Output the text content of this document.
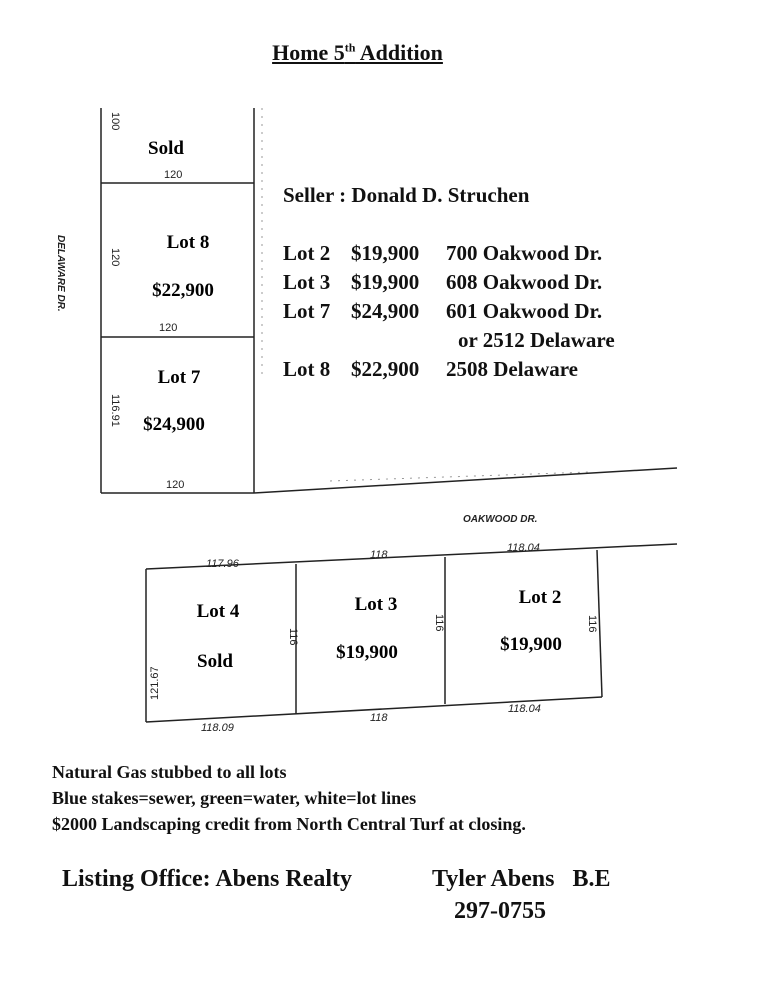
Home 5th Addition
DELAWARE DR.
OAKWOOD DR.
Sold
100
120
Lot 8
$22,900
120
120
Lot 7
$24,900
116.91
120
Lot 4
Sold
117.96
118.09
121.67
116
Lot 3
$19,900
118
118
116
Lot 2
$19,900
118.04
118.04
116
Seller : Donald D. Struchen
Lot 2 $19,900 700 Oakwood Dr.
Lot 3 $19,900 608 Oakwood Dr.
Lot 7 $24,900 601 Oakwood Dr.
or 2512 Delaware
Lot 8 $22,900 2508 Delaware
Natural Gas stubbed to all lots
Blue stakes=sewer, green=water, white=lot lines
$2000 Landscaping credit from North Central Turf at closing.
Listing Office: Abens Realty	Tyler Abens   B.E
297-0755
